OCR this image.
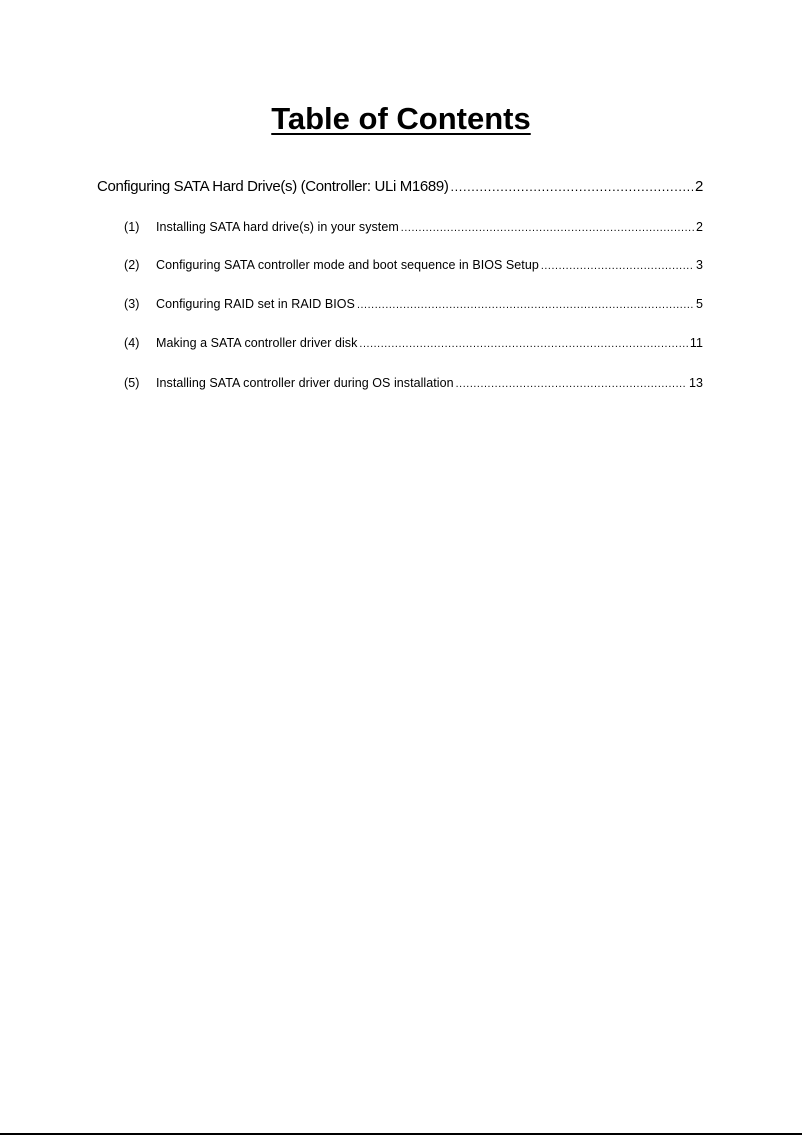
Table of Contents
Configuring SATA Hard Drive(s) (Controller: ULi M1689) .....	2
(1)	Installing SATA hard drive(s) in your system .....	2
(2)	Configuring SATA controller mode and boot sequence in BIOS Setup .....	3
(3)	Configuring RAID set in RAID BIOS .....	5
(4)	Making a SATA controller driver disk .....	11
(5)	Installing SATA controller driver during OS installation .....	13
